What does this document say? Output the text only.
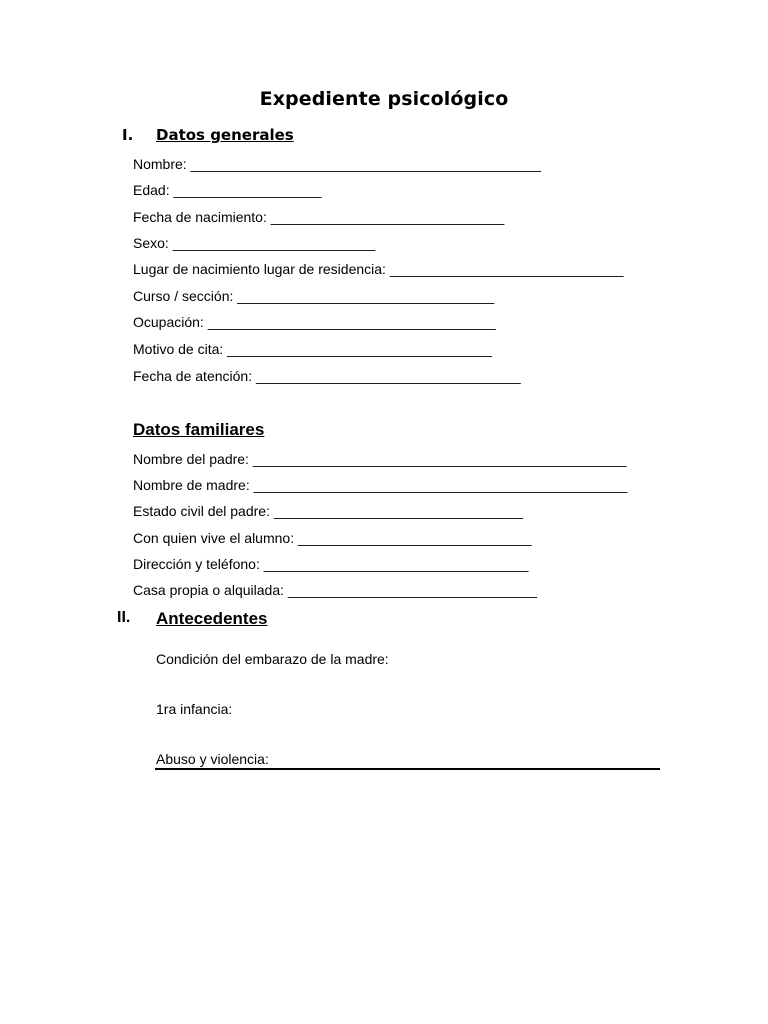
Expediente psicológico
I. Datos generales
Nombre: _____________________________________________
Edad: ___________________
Fecha de nacimiento: ______________________________
Sexo: __________________________
Lugar de nacimiento lugar de residencia: ______________________________
Curso / sección: _________________________________
Ocupación: _____________________________________
Motivo de cita: __________________________________
Fecha de atención: __________________________________
Datos familiares
Nombre del padre: ________________________________________________
Nombre de madre: ________________________________________________
Estado civil del padre: ________________________________
Con quien vive el alumno: ______________________________
Dirección y teléfono: __________________________________
Casa propia o alquilada: ________________________________
II. Antecedentes
Condición del embarazo de la madre:
1ra infancia:
Abuso y violencia:
